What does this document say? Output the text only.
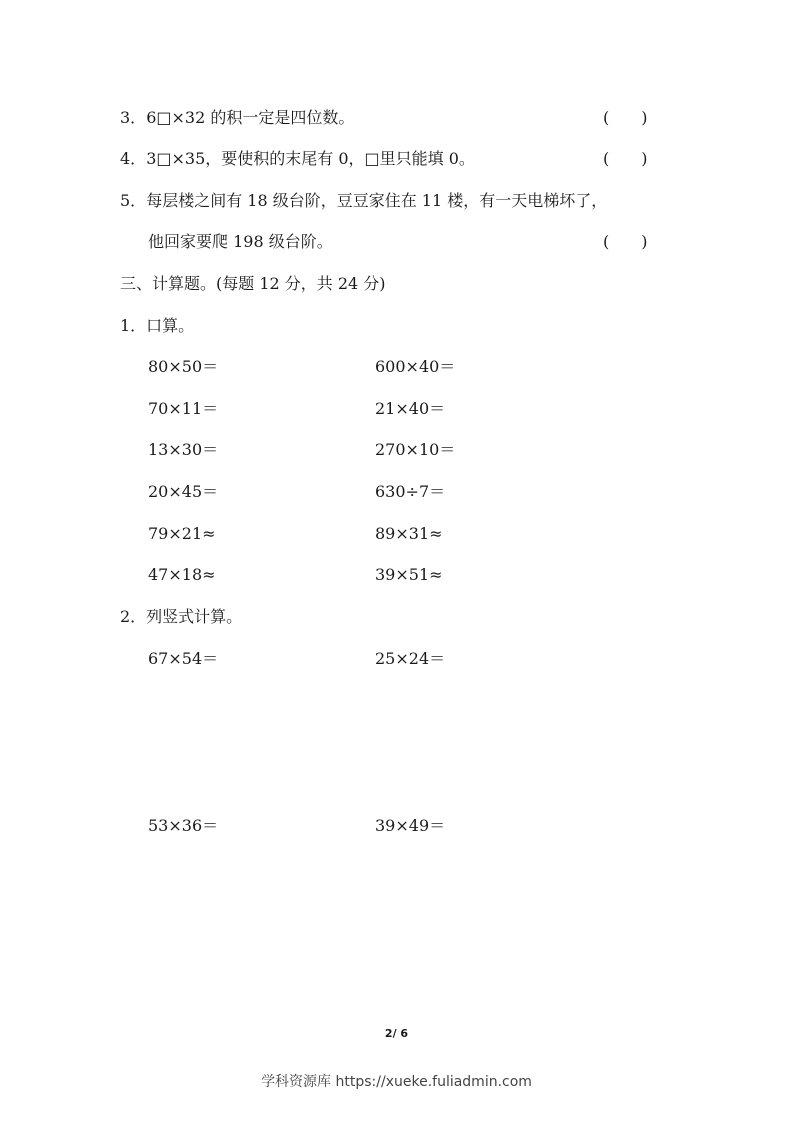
3．6□×32 的积一定是四位数。	(　　)
4．3□×35，要使积的末尾有 0，□里只能填 0。	(　　)
5．每层楼之间有 18 级台阶，豆豆家住在 11 楼，有一天电梯坏了，
他回家要爬 198 级台阶。	(　　)
三、计算题。(每题 12 分，共 24 分)
1．口算。
80×50＝	600×40＝
70×11＝	21×40＝
13×30＝	270×10＝
20×45＝	630÷7＝
79×21≈	89×31≈
47×18≈	39×51≈
2．列竖式计算。
67×54＝	25×24＝
53×36＝	39×49＝
2/ 6
学科资源库 https://xueke.fuliadmin.com
